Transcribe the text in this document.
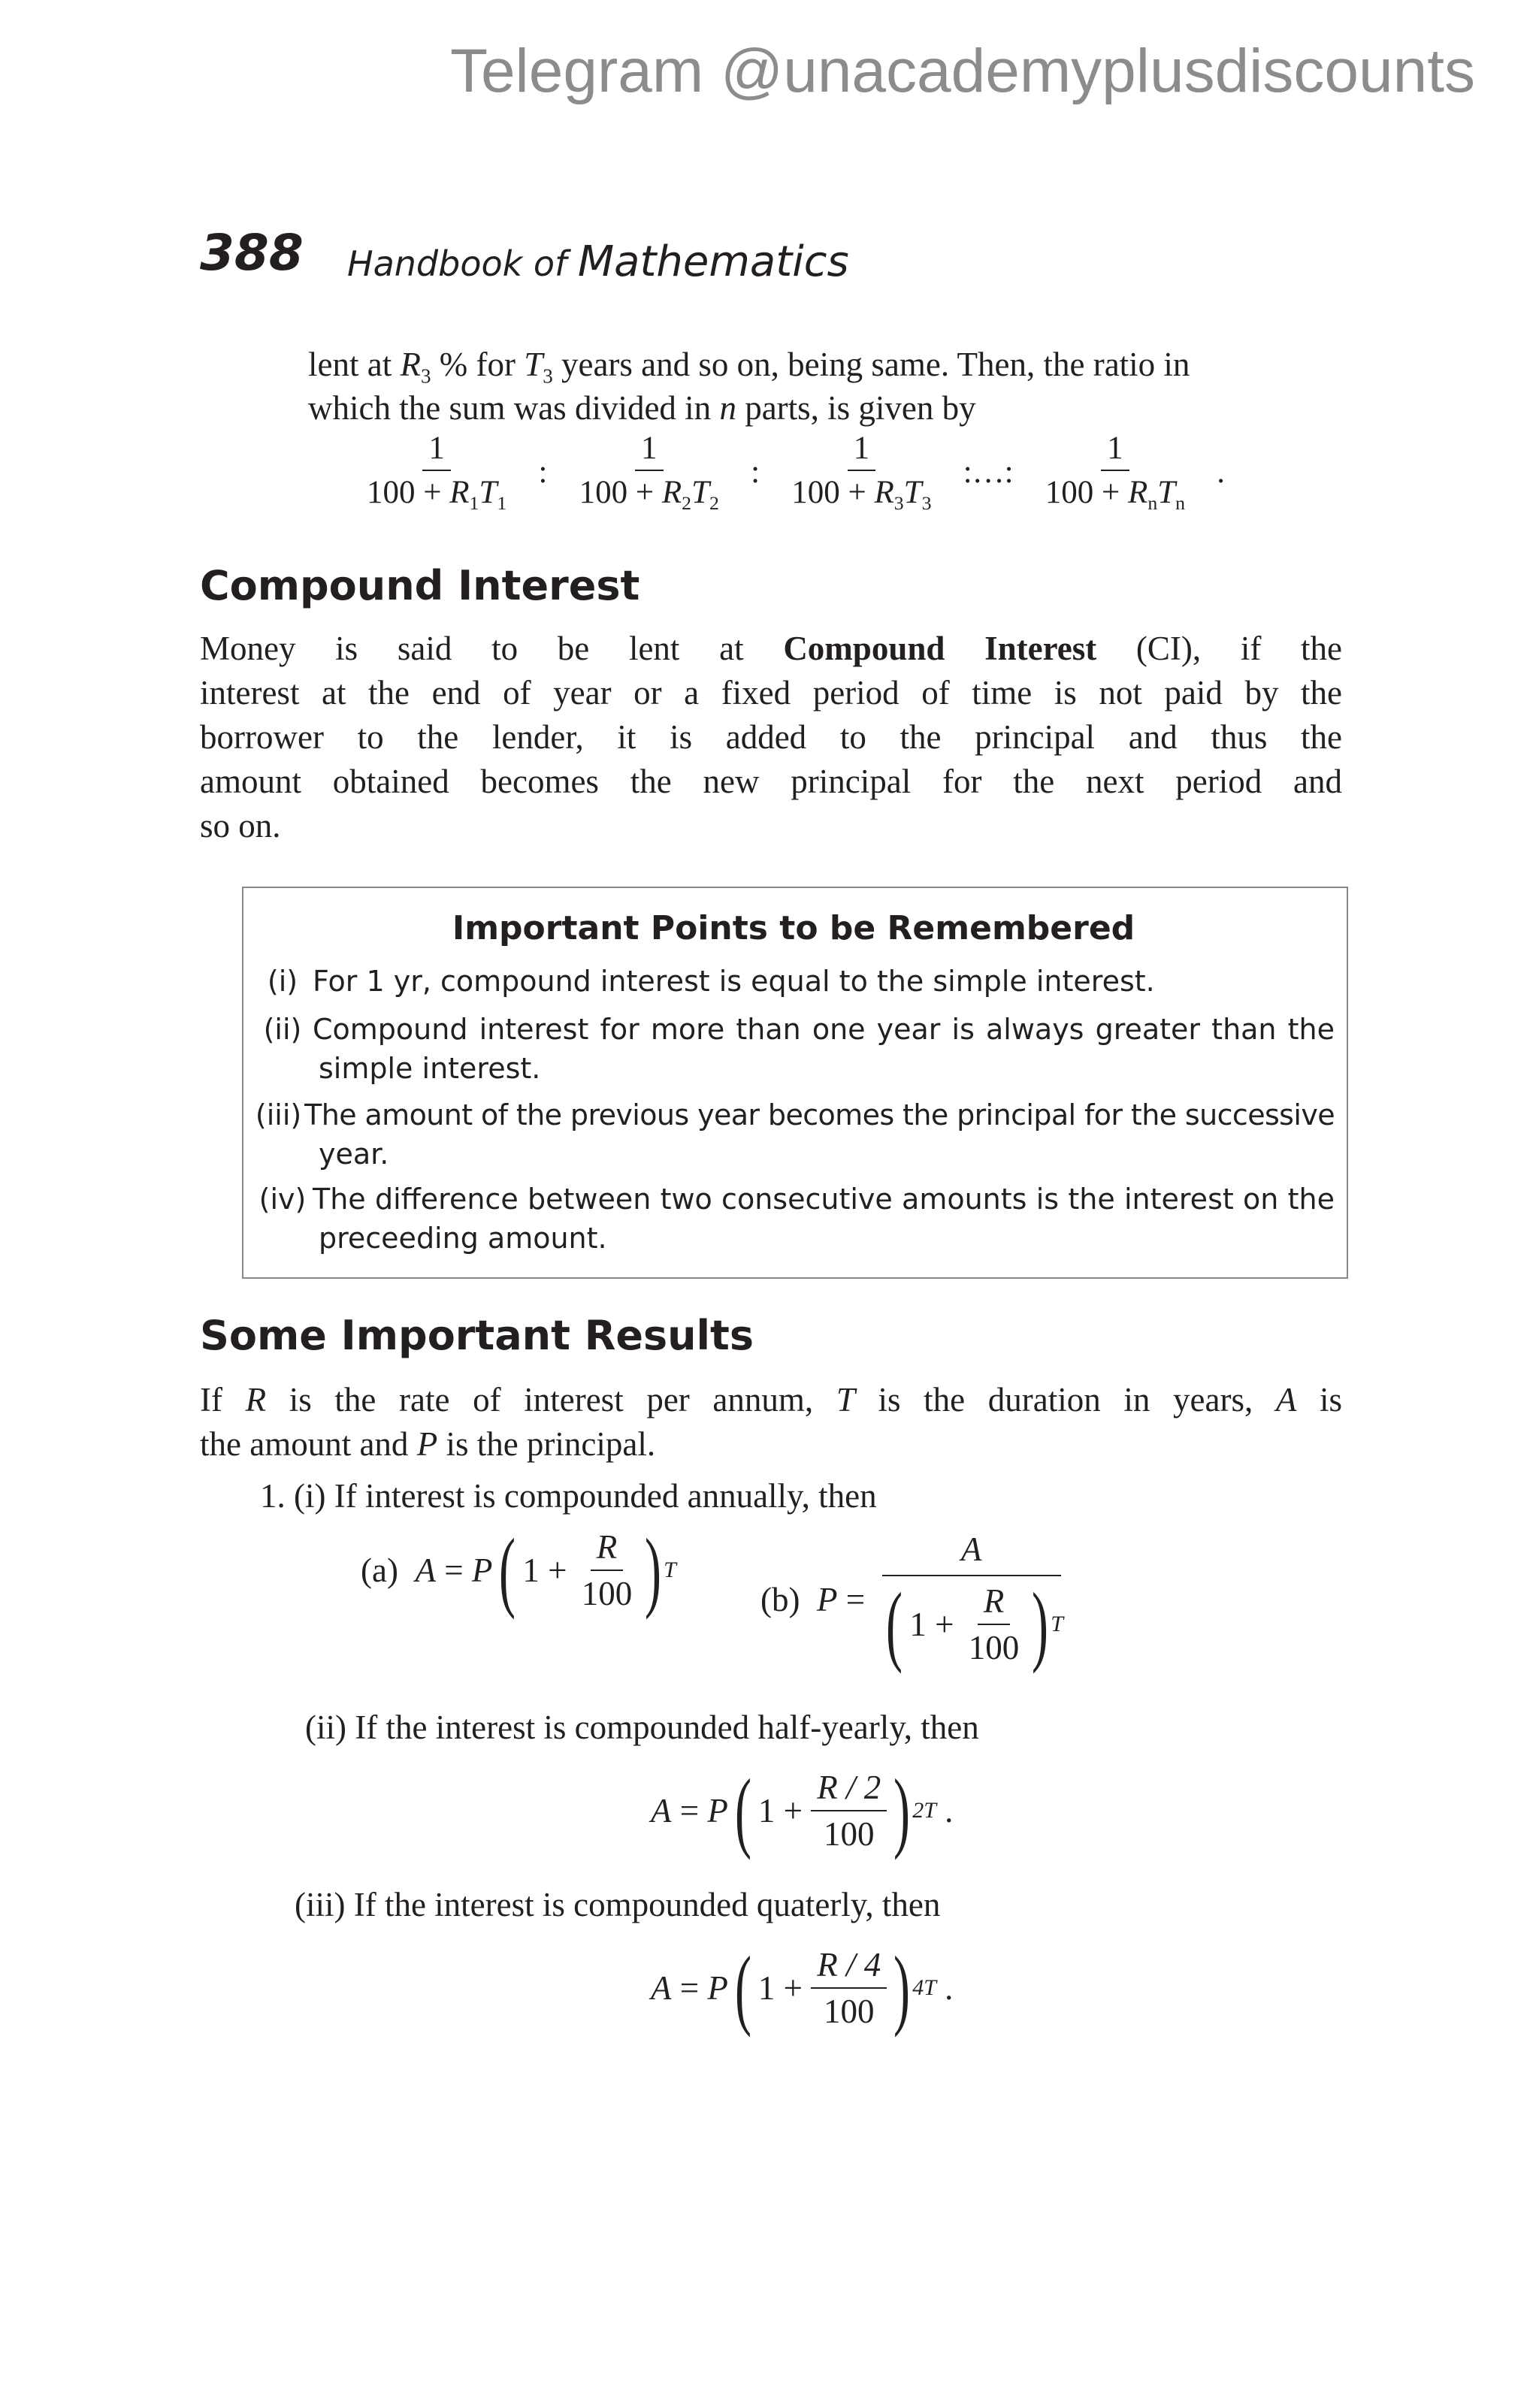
Telegram @unacademyplusdiscounts
388 Handbook of Mathematics
lent at $R_3$ % for $T_3$ years and so on, being same. Then, the ratio in
which the sum was divided in n parts, is given by
$\frac{1}{100 + R_1T_1}$ : $\frac{1}{100 + R_2T_2}$ : $\frac{1}{100 + R_3T_3}$ :…: $\frac{1}{100 + R_nT_n}$ .
Compound Interest
Money is said to be lent at Compound Interest (CI), if the
interest at the end of year or a fixed period of time is not paid by the
borrower to the lender, it is added to the principal and thus the
amount obtained becomes the new principal for the next period and
so on.
Important Points to be Remembered
(i) For 1 yr, compound interest is equal to the simple interest.
(ii) Compound interest for more than one year is always greater than the
simple interest.
(iii) The amount of the previous year becomes the principal for the successive
year.
(iv) The difference between two consecutive amounts is the interest on the
preceeding amount.
Some Important Results
If R is the rate of interest per annum, T is the duration in years, A is
the amount and P is the principal.
1. (i) If interest is compounded annually, then
(a)
A
=
P ( 1 +
$\frac{R}{100}$ ) T
(b)
P
=
A
( 1 +
$\frac{R}{100}$ ) T
(ii) If the interest is compounded half-yearly, then
A
=
P ( 1 +
$\frac{R / 2}{100}$ ) 2T
.
(iii) If the interest is compounded quaterly, then
A
=
P ( 1 +
$\frac{R / 4}{100}$ ) 4T
.
